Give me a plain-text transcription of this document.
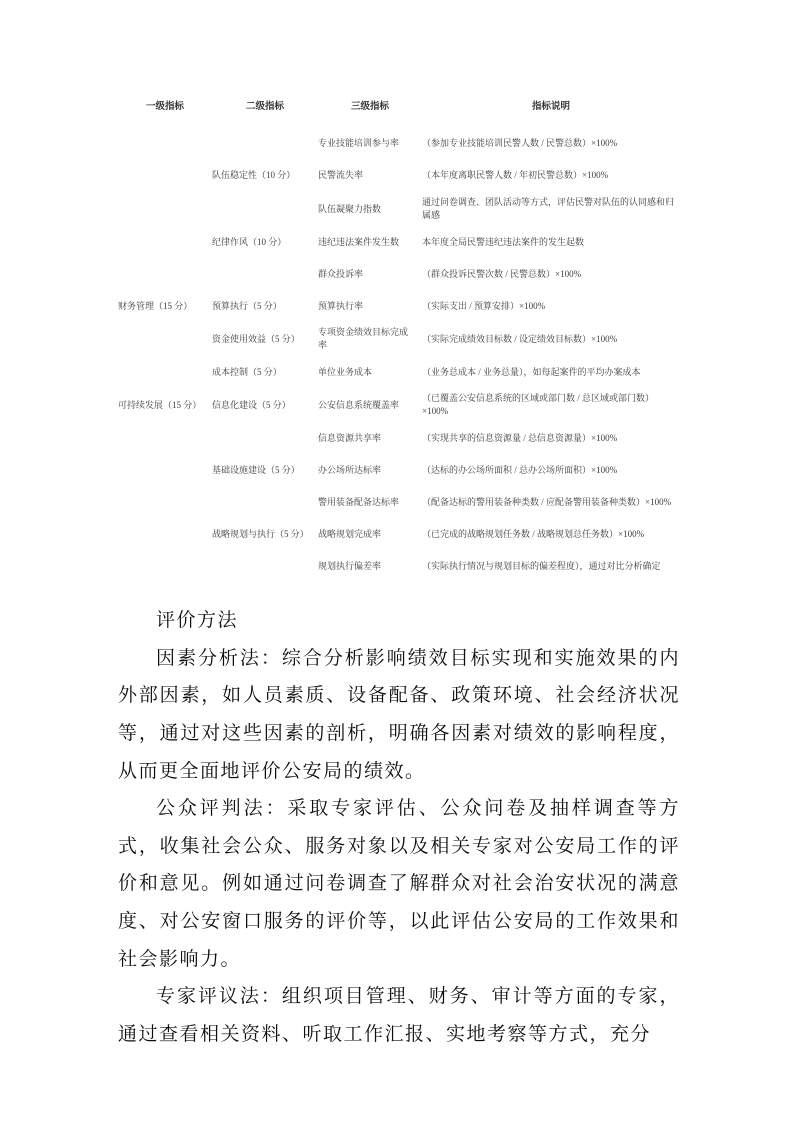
一级指标	二级指标	三级指标	指标说明
		专业技能培训参与率	（参加专业技能培训民警人数 / 民警总数）×100%
	队伍稳定性（10 分）	民警流失率	（本年度离职民警人数 / 年初民警总数）×100%
		队伍凝聚力指数	通过问卷调查、团队活动等方式，评估民警对队伍的认同感和归属感
	纪律作风（10 分）	违纪违法案件发生数	本年度全局民警违纪违法案件的发生起数
		群众投诉率	（群众投诉民警次数 / 民警总数）×100%
财务管理（15 分）	预算执行（5 分）	预算执行率	（实际支出 / 预算安排）×100%
	资金使用效益（5 分）	专项资金绩效目标完成率	（实际完成绩效目标数 / 设定绩效目标数）×100%
	成本控制（5 分）	单位业务成本	（业务总成本 / 业务总量），如每起案件的平均办案成本
可持续发展（15 分）	信息化建设（5 分）	公安信息系统覆盖率	（已覆盖公安信息系统的区域或部门数 / 总区域或部门数）×100%
		信息资源共享率	（实现共享的信息资源量 / 总信息资源量）×100%
	基础设施建设（5 分）	办公场所达标率	（达标的办公场所面积 / 总办公场所面积）×100%
		警用装备配备达标率	（配备达标的警用装备种类数 / 应配备警用装备种类数）×100%
	战略规划与执行（5 分）	战略规划完成率	（已完成的战略规划任务数 / 战略规划总任务数）×100%
		规划执行偏差率	（实际执行情况与规划目标的偏差程度），通过对比分析确定

评价方法

因素分析法：综合分析影响绩效目标实现和实施效果的内外部因素，如人员素质、设备配备、政策环境、社会经济状况等，通过对这些因素的剖析，明确各因素对绩效的影响程度，从而更全面地评价公安局的绩效。

公众评判法：采取专家评估、公众问卷及抽样调查等方式，收集社会公众、服务对象以及相关专家对公安局工作的评价和意见。例如通过问卷调查了解群众对社会治安状况的满意度、对公安窗口服务的评价等，以此评估公安局的工作效果和社会影响力。

专家评议法：组织项目管理、财务、审计等方面的专家，通过查看相关资料、听取工作汇报、实地考察等方式，充分
